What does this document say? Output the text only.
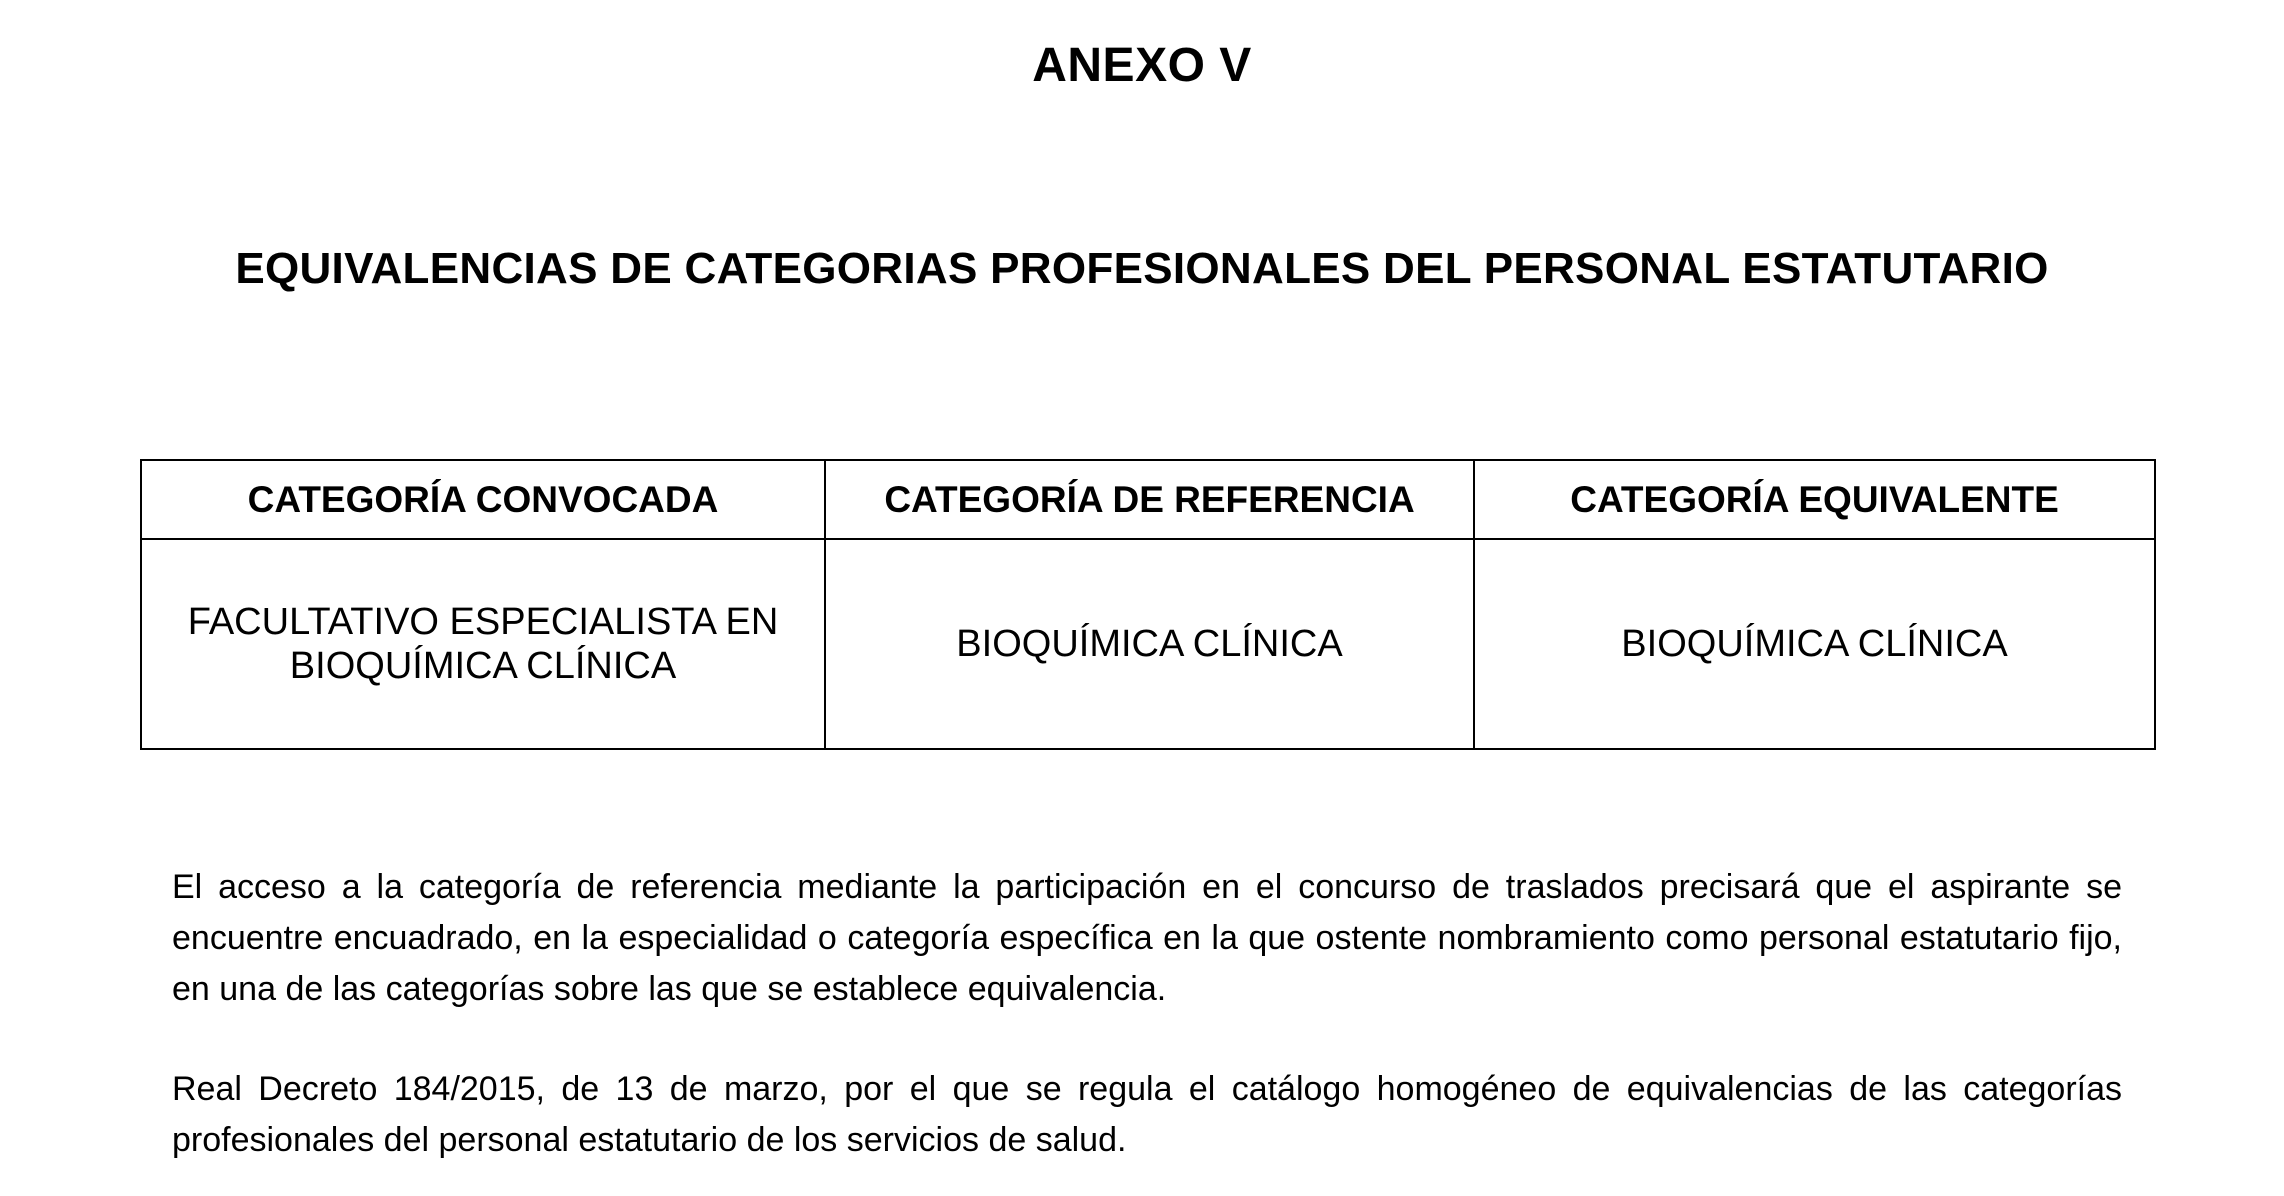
ANEXO V
EQUIVALENCIAS DE CATEGORIAS PROFESIONALES DEL PERSONAL ESTATUTARIO
CATEGORÍA CONVOCADA	CATEGORÍA DE REFERENCIA	CATEGORÍA EQUIVALENTE

FACULTATIVO ESPECIALISTA EN
BIOQUÍMICA CLÍNICA	BIOQUÍMICA CLÍNICA	BIOQUÍMICA CLÍNICA

El acceso a la categoría de referencia mediante la participación en el concurso de traslados precisará que el aspirante se encuentre encuadrado, en la especialidad o categoría específica en la que ostente nombramiento como personal estatutario fijo, en una de las categorías sobre las que se establece equivalencia.

Real Decreto 184/2015, de 13 de marzo, por el que se regula el catálogo homogéneo de equivalencias de las categorías profesionales del personal estatutario de los servicios de salud.
